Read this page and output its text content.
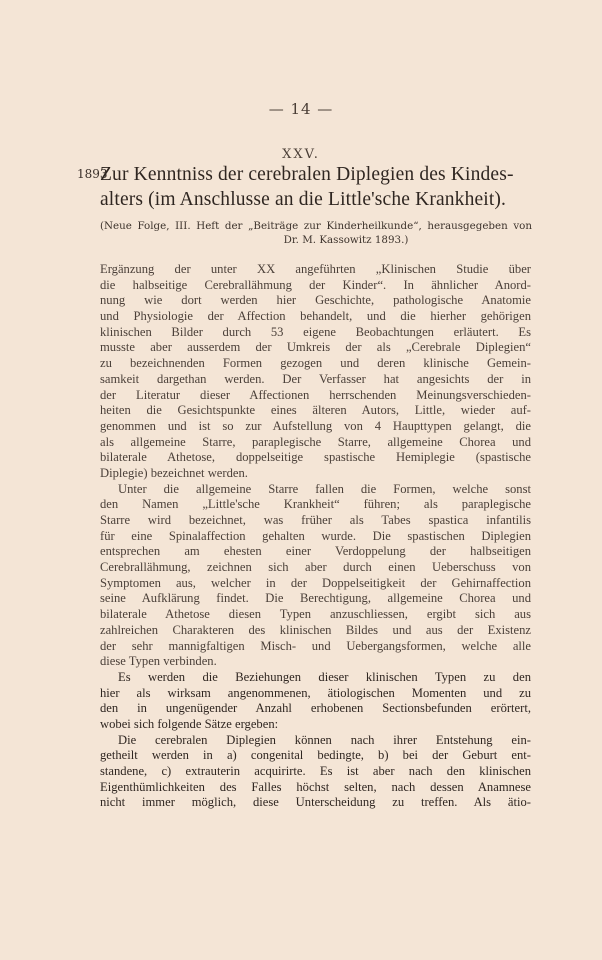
— 14 —
XXV.
1893
Zur Kenntniss der cerebralen Diplegien des Kindes-
alters (im Anschlusse an die Little'sche Krankheit).
(Neue Folge, III. Heft der „Beiträge zur Kinderheilkunde“, herausgegeben von
Dr. M. Kassowitz 1893.)
Ergänzung der unter XX angeführten „Klinischen Studie über
die halbseitige Cerebrallähmung der Kinder“. In ähnlicher Anord-
nung wie dort werden hier Geschichte, pathologische Anatomie
und Physiologie der Affection behandelt, und die hierher gehörigen
klinischen Bilder durch 53 eigene Beobachtungen erläutert. Es
musste aber ausserdem der Umkreis der als „Cerebrale Diplegien“
zu bezeichnenden Formen gezogen und deren klinische Gemein-
samkeit dargethan werden. Der Verfasser hat angesichts der in
der Literatur dieser Affectionen herrschenden Meinungsverschieden-
heiten die Gesichtspunkte eines älteren Autors, Little, wieder auf-
genommen und ist so zur Aufstellung von 4 Haupttypen gelangt, die
als allgemeine Starre, paraplegische Starre, allgemeine Chorea und
bilaterale Athetose, doppelseitige spastische Hemiplegie (spastische
Diplegie) bezeichnet werden.
Unter die allgemeine Starre fallen die Formen, welche sonst
den Namen „Little'sche Krankheit“ führen; als paraplegische
Starre wird bezeichnet, was früher als Tabes spastica infantilis
für eine Spinalaffection gehalten wurde. Die spastischen Diplegien
entsprechen am ehesten einer Verdoppelung der halbseitigen
Cerebrallähmung, zeichnen sich aber durch einen Ueberschuss von
Symptomen aus, welcher in der Doppelseitigkeit der Gehirnaffection
seine Aufklärung findet. Die Berechtigung, allgemeine Chorea und
bilaterale Athetose diesen Typen anzuschliessen, ergibt sich aus
zahlreichen Charakteren des klinischen Bildes und aus der Existenz
der sehr mannigfaltigen Misch- und Uebergangsformen, welche alle
diese Typen verbinden.
Es werden die Beziehungen dieser klinischen Typen zu den
hier als wirksam angenommenen, ätiologischen Momenten und zu
den in ungenügender Anzahl erhobenen Sectionsbefunden erörtert,
wobei sich folgende Sätze ergeben:
Die cerebralen Diplegien können nach ihrer Entstehung ein-
getheilt werden in a) congenital bedingte, b) bei der Geburt ent-
standene, c) extrauterin acquirirte. Es ist aber nach den klinischen
Eigenthümlichkeiten des Falles höchst selten, nach dessen Anamnese
nicht immer möglich, diese Unterscheidung zu treffen. Als ätio-
